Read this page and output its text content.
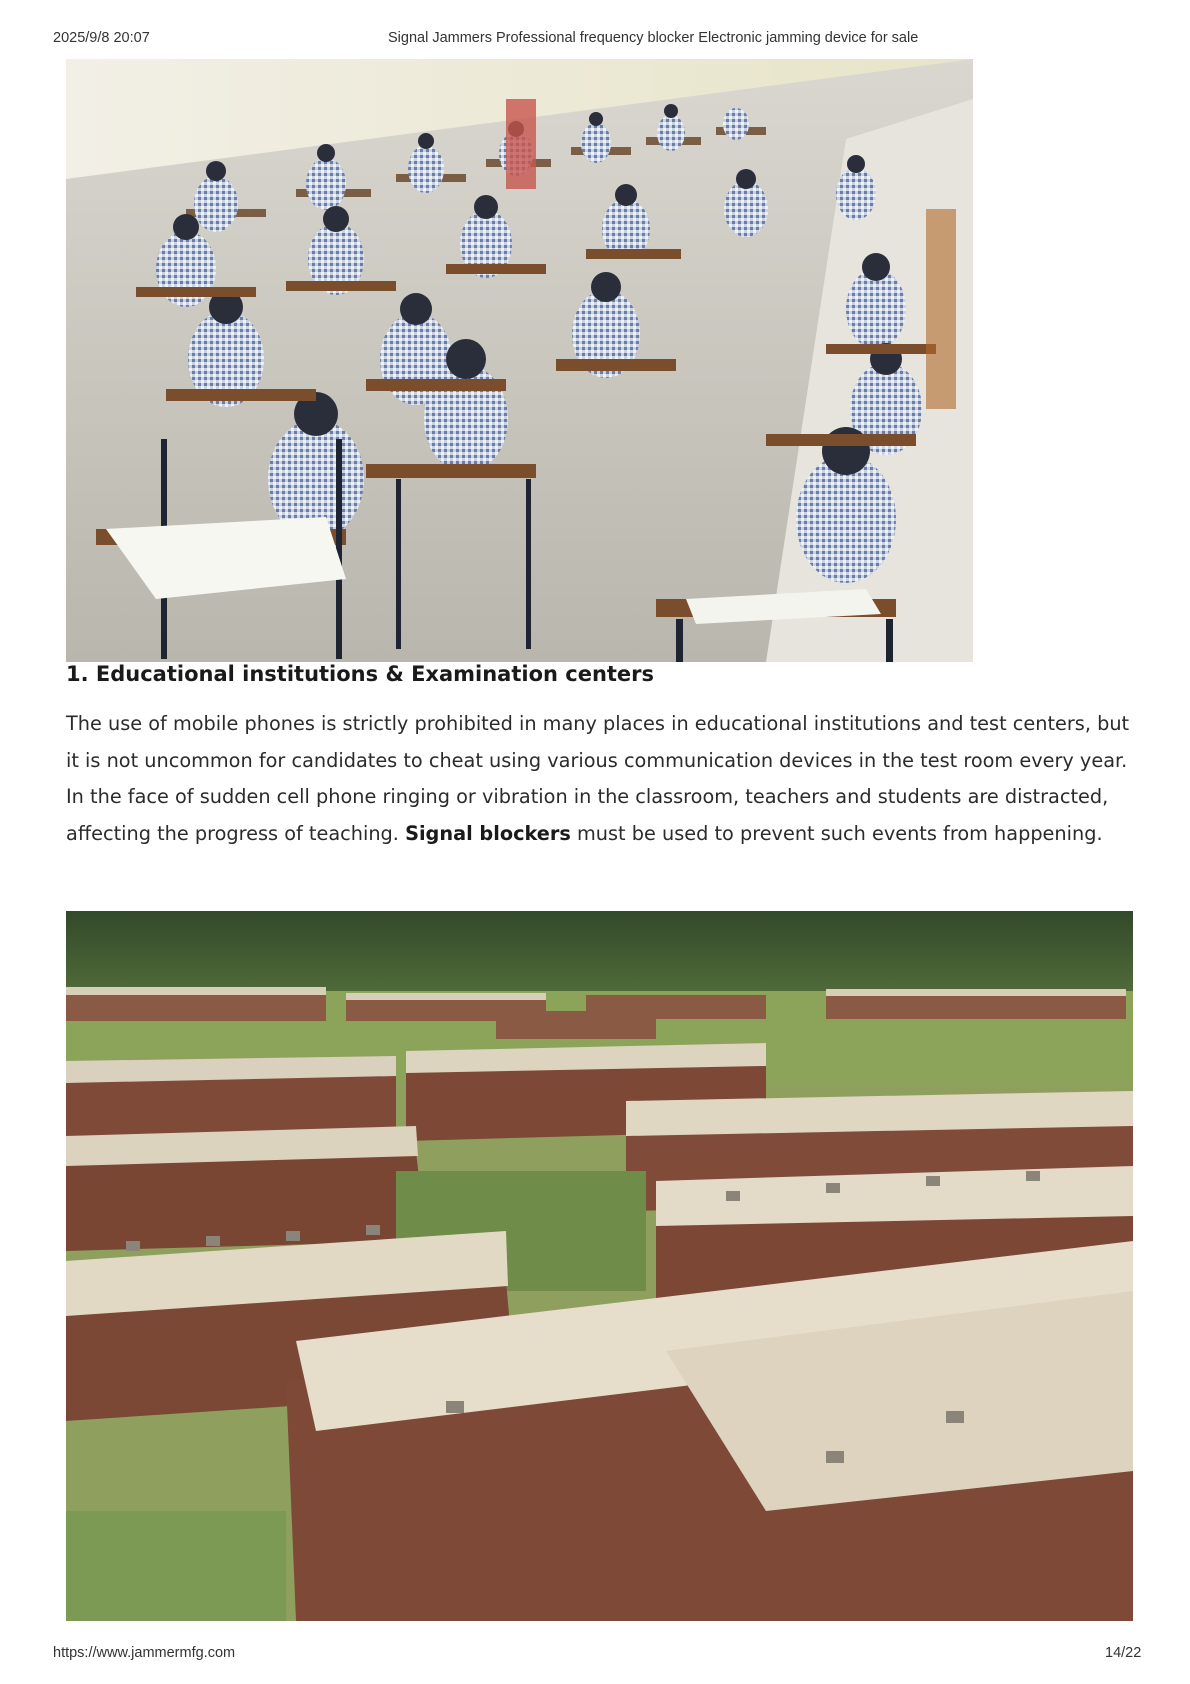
2025/9/8 20:07	Signal Jammers Professional frequency blocker Electronic jamming device for sale
1. Educational institutions & Examination centers

The use of mobile phones is strictly prohibited in many places in educational institutions and test centers, but it is not uncommon for candidates to cheat using various communication devices in the test room every year. In the face of sudden cell phone ringing or vibration in the classroom, teachers and students are distracted, affecting the progress of teaching. Signal blockers must be used to prevent such events from happening.

https://www.jammermfg.com	14/22
